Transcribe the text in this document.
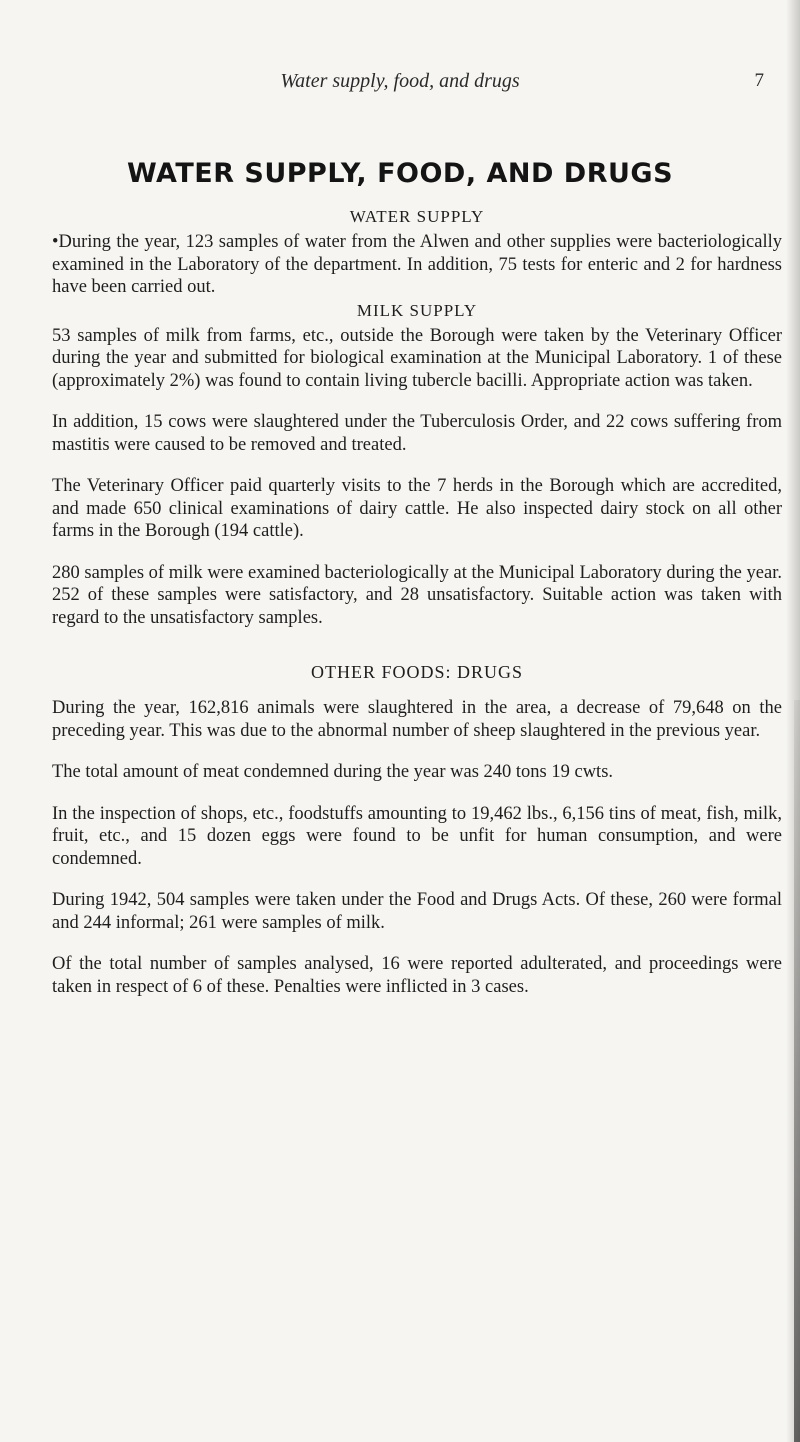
Water supply, food, and drugs	7
WATER SUPPLY, FOOD, AND DRUGS
WATER SUPPLY

•During the year, 123 samples of water from the Alwen and other supplies were bacteriologically examined in the Laboratory of the department. In addition, 75 tests for enteric and 2 for hardness have been carried out.

MILK SUPPLY

53 samples of milk from farms, etc., outside the Borough were taken by the Veterinary Officer during the year and submitted for biological examination at the Municipal Laboratory. 1 of these (approximately 2%) was found to contain living tubercle bacilli. Appropriate action was taken.

In addition, 15 cows were slaughtered under the Tuberculosis Order, and 22 cows suffering from mastitis were caused to be removed and treated.

The Veterinary Officer paid quarterly visits to the 7 herds in the Borough which are accredited, and made 650 clinical examinations of dairy cattle. He also inspected dairy stock on all other farms in the Borough (194 cattle).

280 samples of milk were examined bacteriologically at the Municipal Laboratory during the year. 252 of these samples were satisfactory, and 28 unsatisfactory. Suitable action was taken with regard to the unsatisfactory samples.

OTHER FOODS: DRUGS

During the year, 162,816 animals were slaughtered in the area, a decrease of 79,648 on the preceding year. This was due to the abnormal number of sheep slaughtered in the previous year.

The total amount of meat condemned during the year was 240 tons 19 cwts.

In the inspection of shops, etc., foodstuffs amounting to 19,462 lbs., 6,156 tins of meat, fish, milk, fruit, etc., and 15 dozen eggs were found to be unfit for human consumption, and were condemned.

During 1942, 504 samples were taken under the Food and Drugs Acts. Of these, 260 were formal and 244 informal; 261 were samples of milk.

Of the total number of samples analysed, 16 were reported adulterated, and proceedings were taken in respect of 6 of these. Penalties were inflicted in 3 cases.
